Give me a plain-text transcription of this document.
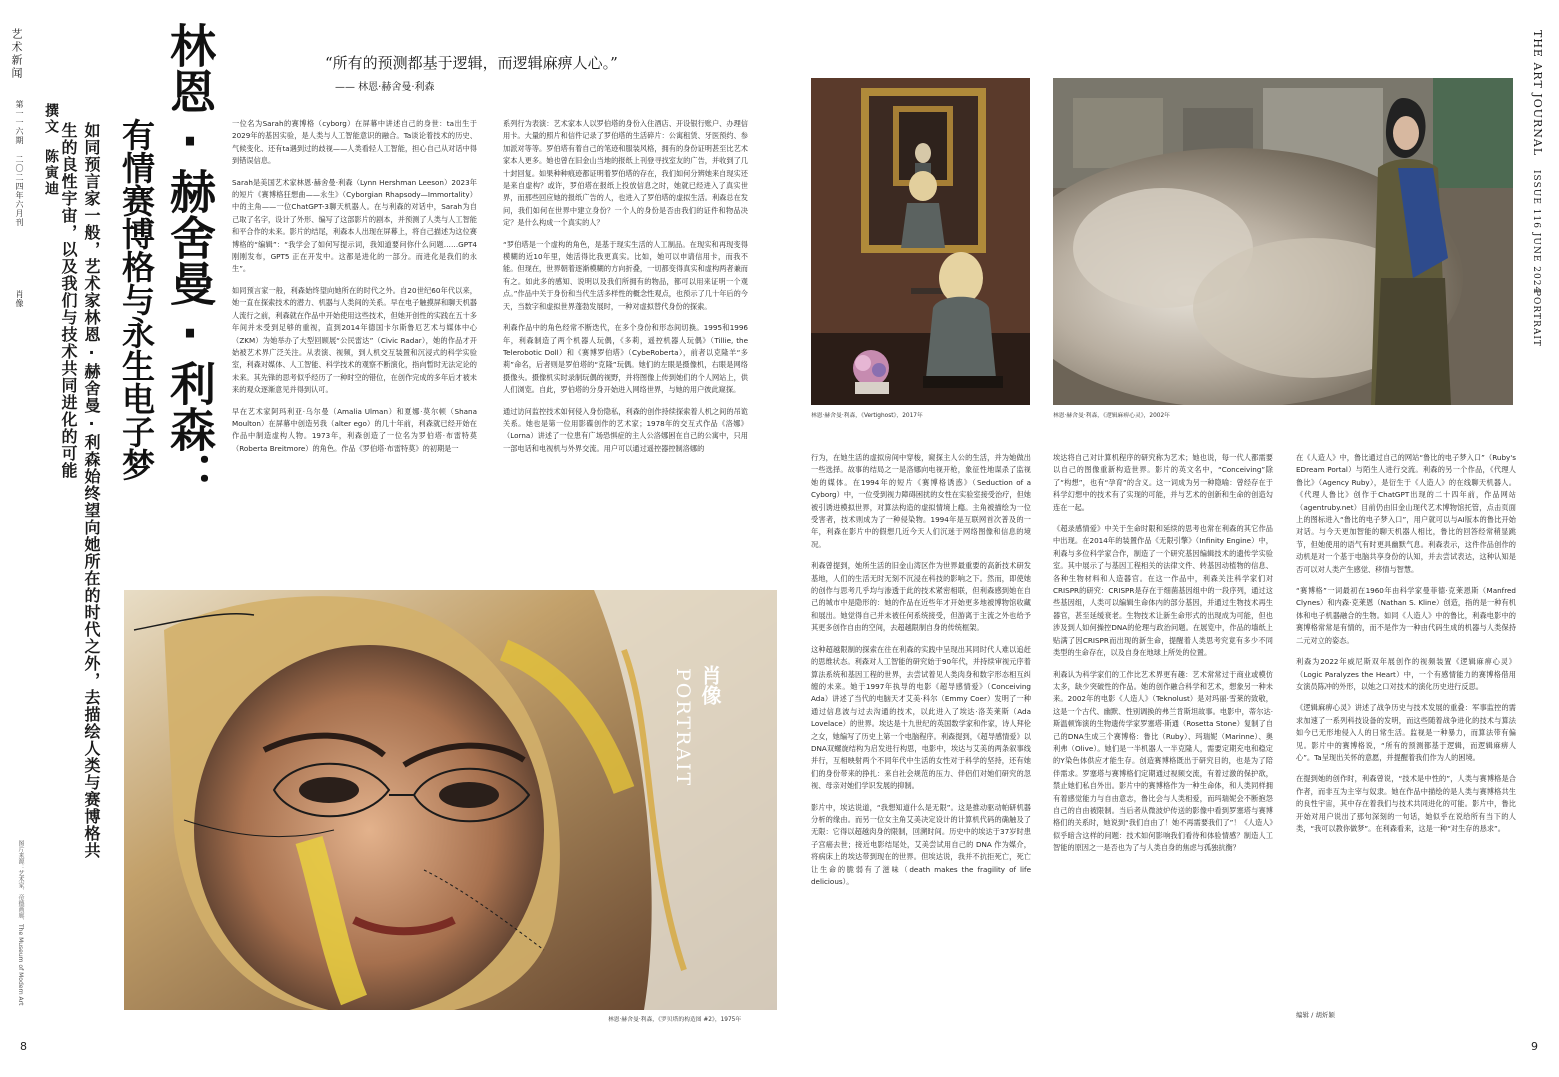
艺术新闻
第一一六期 二〇二四年六月刊
肖像
图片来源：艺术家、帝德画廊、The Museum of Modern Art
8
撰文陈寅迪	如同预言家一般，艺术家林恩·赫舍曼·利森始终望向她所在的时代之外，去描绘人类与赛博格共生的良性宇宙，以及我们与技术共同进化的可能	有情赛博格与永生电子梦 林恩·赫舍曼·利森：	“所有的预测都基于逻辑，而逻辑麻痹人心。”
—— 林恩·赫舍曼·利森

一位名为Sarah的赛博格（cyborg）在屏幕中讲述自己的身世：ta出生于2029年的基因实验，是人类与人工智能意识的融合。Ta谈论着技术的历史、气候变化、还有ta遇到过的歧视——人类看轻人工智能，担心自己从对话中得到错误信息。

Sarah是美国艺术家林恩·赫舍曼·利森（Lynn Hershman Leeson）2023年的短片《赛博格狂想曲——永生》（Cyborgian Rhapsody—Immortality）中的主角——一位ChatGPT-3聊天机器人。在与利森的对话中，Sarah为自己取了名字，设计了外形、编写了这部影片的剧本，并预测了人类与人工智能和平合作的未来。影片的结尾，利森本人出现在屏幕上，将自己描述为这位赛博格的“编辑”：“我学会了如何写提示词，我知道要问你什么问题……GPT4 刚刚发布，GPT5 正在开发中。这都是进化的一部分。而进化是我们的永生”。

如同预言家一般，利森始终望向她所在的时代之外。自20世纪60年代以来，她一直在探索技术的潜力、机器与人类间的关系。早在电子触摸屏和聊天机器人流行之前，利森就在作品中开始使用这些技术，但她开创性的实践在五十多年间并未受到足够的重视，直到2014年德国卡尔斯鲁厄艺术与媒体中心（ZKM）为她举办了大型回顾展“公民雷达”（Civic Radar），她的作品才开始被艺术界广泛关注。从表演、视频，到人机交互装置和沉浸式的科学实验室，利森对媒体、人工智能、科学技术的观察不断演化，指向暂时无法定论的未来。其先锋的思考似乎经历了一种时空的错位，在创作完成的多年后才被未来的观众逐渐意见并得到认可。

早在艺术家阿玛利亚·乌尔曼（Amalia Ulman）和夏娜·莫尔顿（Shana Moulton）在屏幕中创造另我（alter ego）的几十年前，利森就已经开始在作品中制造虚构人物。1973年，利森创造了一位名为罗伯塔·布雷特莫（Roberta Breitmore）的角色。作品《罗伯塔·布雷特莫》的初期是一

系列行为表演：艺术家本人以罗伯塔的身份入住酒店、开设银行账户、办理信用卡。大量的照片和信件记录了罗伯塔的生活碎片：公寓租赁、牙医预约、参加派对等等。罗伯塔有着自己的笔迹和服装风格，拥有的身份证明甚至比艺术家本人更多。她也曾在旧金山当地的报纸上刊登寻找室友的广告，并收到了几十封回复。如果种种痕迹都证明着罗伯塔的存在，我们如何分辨她来自现实还是来自虚构？或许，罗伯塔在报纸上投放信息之时，她就已经进入了真实世界，而那些回应她的报纸广告的人，也进入了罗伯塔的虚拟生活。利森总在发问，我们如何在世界中建立身份？一个人的身份是否由我们的证件和物品决定？是什么构成一个真实的人？

“罗伯塔是一个虚构的角色，是基于现实生活的人工制品。在现实和再现变得模糊的近10年里，她活得比我更真实。比如，她可以申请信用卡，而我不能。但现在，世界朝着逐渐模糊的方向折叠，一切都变得真实和虚构两者兼而有之。如此多的感知、说明以及我们所拥有的物品，都可以用来证明一个观点。”作品中关于身份和当代生活多样性的概念性观点，也预示了几十年后的今天，当数字和虚拟世界蓬勃发展时，一种对虚拟替代身份的探索。

利森作品中的角色经常不断迭代，在多个身份和形态间切换。1995和1996年，利森制造了两个机器人玩偶，《多莉，遥控机器人玩偶》（Tillie, the Telerobotic Doll）和《赛博罗伯塔》（CybeRoberta），前者以克隆羊“多莉”命名，后者则是罗伯塔的“克隆”玩偶。她们的左眼是摄像机，右眼是网络摄像头。摄像机实时录制玩偶的视野，并将图像上传到她们的个人网站上，供人们浏览。自此，罗伯塔的分身开始进入网络世界，与她的用户彼此窥探。

通过访问监控技术如何侵入身份隐私，利森的创作持续探索着人机之间的吊诡关系。她也是第一位用影碟创作的艺术家；1978年的交互式作品《洛娜》（Lorna）讲述了一位患有广场恐惧症的主人公洛娜困在自己的公寓中，只用一部电话和电视机与外界交流。用户可以通过遥控器控制洛娜的

肖像
PORTRAIT
林恩·赫舍曼·利森，《罗贝塔的构造图 #2》，1975年
林恩·赫舍曼·利森，《Vertighost》，2017年	林恩·赫舍曼·利森，《逻辑麻痹心灵》，2002年
THE ART JOURNAL
ISSUE 116 JUNE 2024
PORTRAIT
9

行为，在她生活的虚拟房间中穿梭，窥探主人公的生活，并为她做出一些选择。故事的结局之一是洛娜向电视开枪，象征性地谋杀了监视她的媒体。在1994年的短片《赛博格诱惑》（Seduction of a Cyborg）中，一位受到视力障碍困扰的女性在实验室接受治疗，但她被引诱进模拟世界，对算法构造的虚拟情境上瘾。主角被描绘为一位受害者，技术则成为了一种侵染物。1994年是互联网首次普及的一年，利森在影片中的假想几近今天人们沉迷于网络图像和信息的境况。

利森曾提到，她所生活的旧金山湾区作为世界最重要的高新技术研发基地，人们的生活无时无刻不沉浸在科技的影响之下。然而，即使她的创作与思考几乎均与渗透于此的技术紧密相联，但利森感到她在自己的城市中是隐形的：她的作品在近些年才开始更多地被博物馆收藏和展出。她觉得自己并未被任何系统接受，但游离于主流之外也给予其更多创作自由的空间，去超越限制自身的传统框架。

这种超越限制的探索在往在利森的实践中呈现出其同时代人难以追赶的思维状态。利森对人工智能的研究始于90年代，并持续审视元序着算法系统和基因工程的世界，去尝试着见人类肉身和数字形态相互纠缠的未来。她于1997年执导的电影《超导感情爱》（Conceiving Ada）讲述了当代的电脑天才艾美·科尔（Emmy Coer）发明了一种通过信息波与过去沟通的技术，以此进入了埃达·洛芙莱斯（Ada Lovelace）的世界。埃达是十九世纪的英国数学家和作家，诗人拜伦之女，她编写了历史上第一个电脑程序。利森提到，《超导感情爱》以DNA双螺旋结构为启发进行构思，电影中，埃达与艾美的两条叙事线并行，互相映射两个不同年代中生活的女性对于科学的坚持，还有她们的身份带来的挣扎：来自社会规范的压力、伴侣们对她们研究的忽视、母亲对她们学识发展的抑制。

影片中，埃达说道，“我想知道什么是无限”。这是推动驱动帕研机器分析的缘由。而另一位女主角艾美决定设计的计算机代码的确触及了无限：它得以超越肉身的限制，回溯时间。历史中的埃达于37岁时患子宫癌去世；接近电影结尾处，艾美尝试用自己的 DNA 作为媒介，将病床上的埃达带到现在的世界。但埃达说，我并不抗拒死亡，死亡让生命的脆弱有了滋味（death makes the fragility of life delicious）。

埃达将自己对计算机程序的研究称为艺术；她也说，每一代人都需要以自己的图像重新构造世界。影片的英文名中，“Conceiving”除了“构想”，也有“孕育”的含义。这一词成为另一种隐喻：曾经存在于科学幻想中的技术有了实现的可能，并与艺术的创新和生命的创造勾连在一起。

《超录感情爱》中关于生命时限和延续的思考也常在利森的其它作品中出现。在2014年的装置作品《无限引擎》（Infinity Engine）中，利森与多位科学家合作，制造了一个研究基因编辑技术的遗传学实验室。其中展示了与基因工程相关的法律文件、转基因动植物的信息、各种生物材料和人造器官。在这一作品中，利森关注科学家们对CRISPR的研究：CRISPR是存在于细菌基因组中的一段序列，通过这些基因组，人类可以编辑生命体内的部分基因，并通过生物技术再生器官，甚至延缓衰老。生物技术让新生命形式的出现成为可能，但也涉及到人如何操控DNA的伦理与政治问题。在展览中，作品的墙纸上贴满了因CRISPR而出现的新生命，提醒着人类思考究竟有多少不同类型的生命存在，以及自身在地球上所处的位置。

利森认为科学家们的工作比艺术界更有趣：艺术常常过于商业或模仿太多，缺少突破性的作品。她的创作融合科学和艺术，想象另一种未来。2002年的电影《人造人》（Teknolust）是对玛丽·雪莱的致敬，这是一个古代、幽默、性别调换的弗兰肯斯坦故事。电影中，蒂尔达·斯温顿饰演的生物遗传学家罗塞塔·斯通（Rosetta Stone）复制了自己的DNA生成三个赛博格：鲁比（Ruby）、玛瑞妮（Marinne）、奥利弗（Olive）。她们是一半机器人一半克隆人，需要定期充电和稳定的Y染色体供应才能生存。创造赛博格既出于研究目的，也是为了陪伴需求。罗塞塔与赛博格们定期通过视频交流，有着过激的保护欲，禁止她们私自外出。影片中的赛博格作为一种生命体，和人类同样拥有着感觉能力与自由意志，鲁比会与人类相爱，而玛瑞妮会不断抱怨自己的自由被限制。当后者从微波炉传送的影像中看到罗塞塔与赛博格们的关系时，她说到“我们自由了！她不再需要我们了”！《人造人》似乎暗含这样的问题：技术如何影响我们看待和体验情感？制造人工智能的原因之一是否也为了与人类自身的焦虑与孤独抗衡？

在《人造人》中，鲁比通过自己的网站“鲁比的电子梦入口”（Ruby's EDream Portal）与陌生人进行交流。利森的另一个作品，《代理人鲁比》（Agency Ruby），是衍生于《人造人》的在线聊天机器人。《代理人鲁比》创作于ChatGPT出现的二十四年前，作品网站（agentruby.net）目前仍由旧金山现代艺术博物馆托管，点击页面上的图标进入“鲁比的电子梦入口”，用户就可以与AI版本的鲁比开始对话。与今天更加智能的聊天机器人相比，鲁比的回答经常稍显跳节，但她使用的语气有时更具幽默气息。利森表示，这件作品创作的动机是对一个基于电脑共享身份的认知，并去尝试表达，这种认知是否可以对人类产生感觉、移情与智慧。

“赛博格”一词最初在1960年由科学家曼菲德·克莱恩斯（Manfred Clynes）和内森·克莱恩（Nathan S. Kline）创造，指的是一种有机体和电子机器融合的生物。如同《人造人》中的鲁比，利森电影中的赛博格常常是有情的，而不是作为一种由代码生成的机器与人类保持二元对立的姿态。

利森为2022年威尼斯双年展创作的视频装置《逻辑麻痹心灵》（Logic Paralyzes the Heart）中，一个有感情能力的赛博格借用女演员陈冲的外形，以她之口对技术的演化历史进行反思。

《逻辑麻痹心灵》讲述了战争历史与技术发展的重叠：军事监控的需求加速了一系列科技设备的发明，而这些随着战争进化的技术与算法如今已无形地侵入人的日常生活。监视是一种暴力，而算法带有偏见。影片中的赛博格说，“所有的预测都基于逻辑，而逻辑麻痹人心”。Ta呈现出关怀的意愿，并提醒着我们作为人的困境。

在提到她的创作时，利森曾说，“技术是中性的”，人类与赛博格是合作者，而非互为主宰与奴隶。她在作品中描绘的是人类与赛博格共生的良性宇宙，其中存在着我们与技术共同进化的可能。影片中，鲁比开始对用户说出了那句深刻的一句话，她似乎在说给所有当下的人类，“我可以教你做梦”。在利森看来，这是一种“对生存的恳求”。

编辑 / 胡炘颖
